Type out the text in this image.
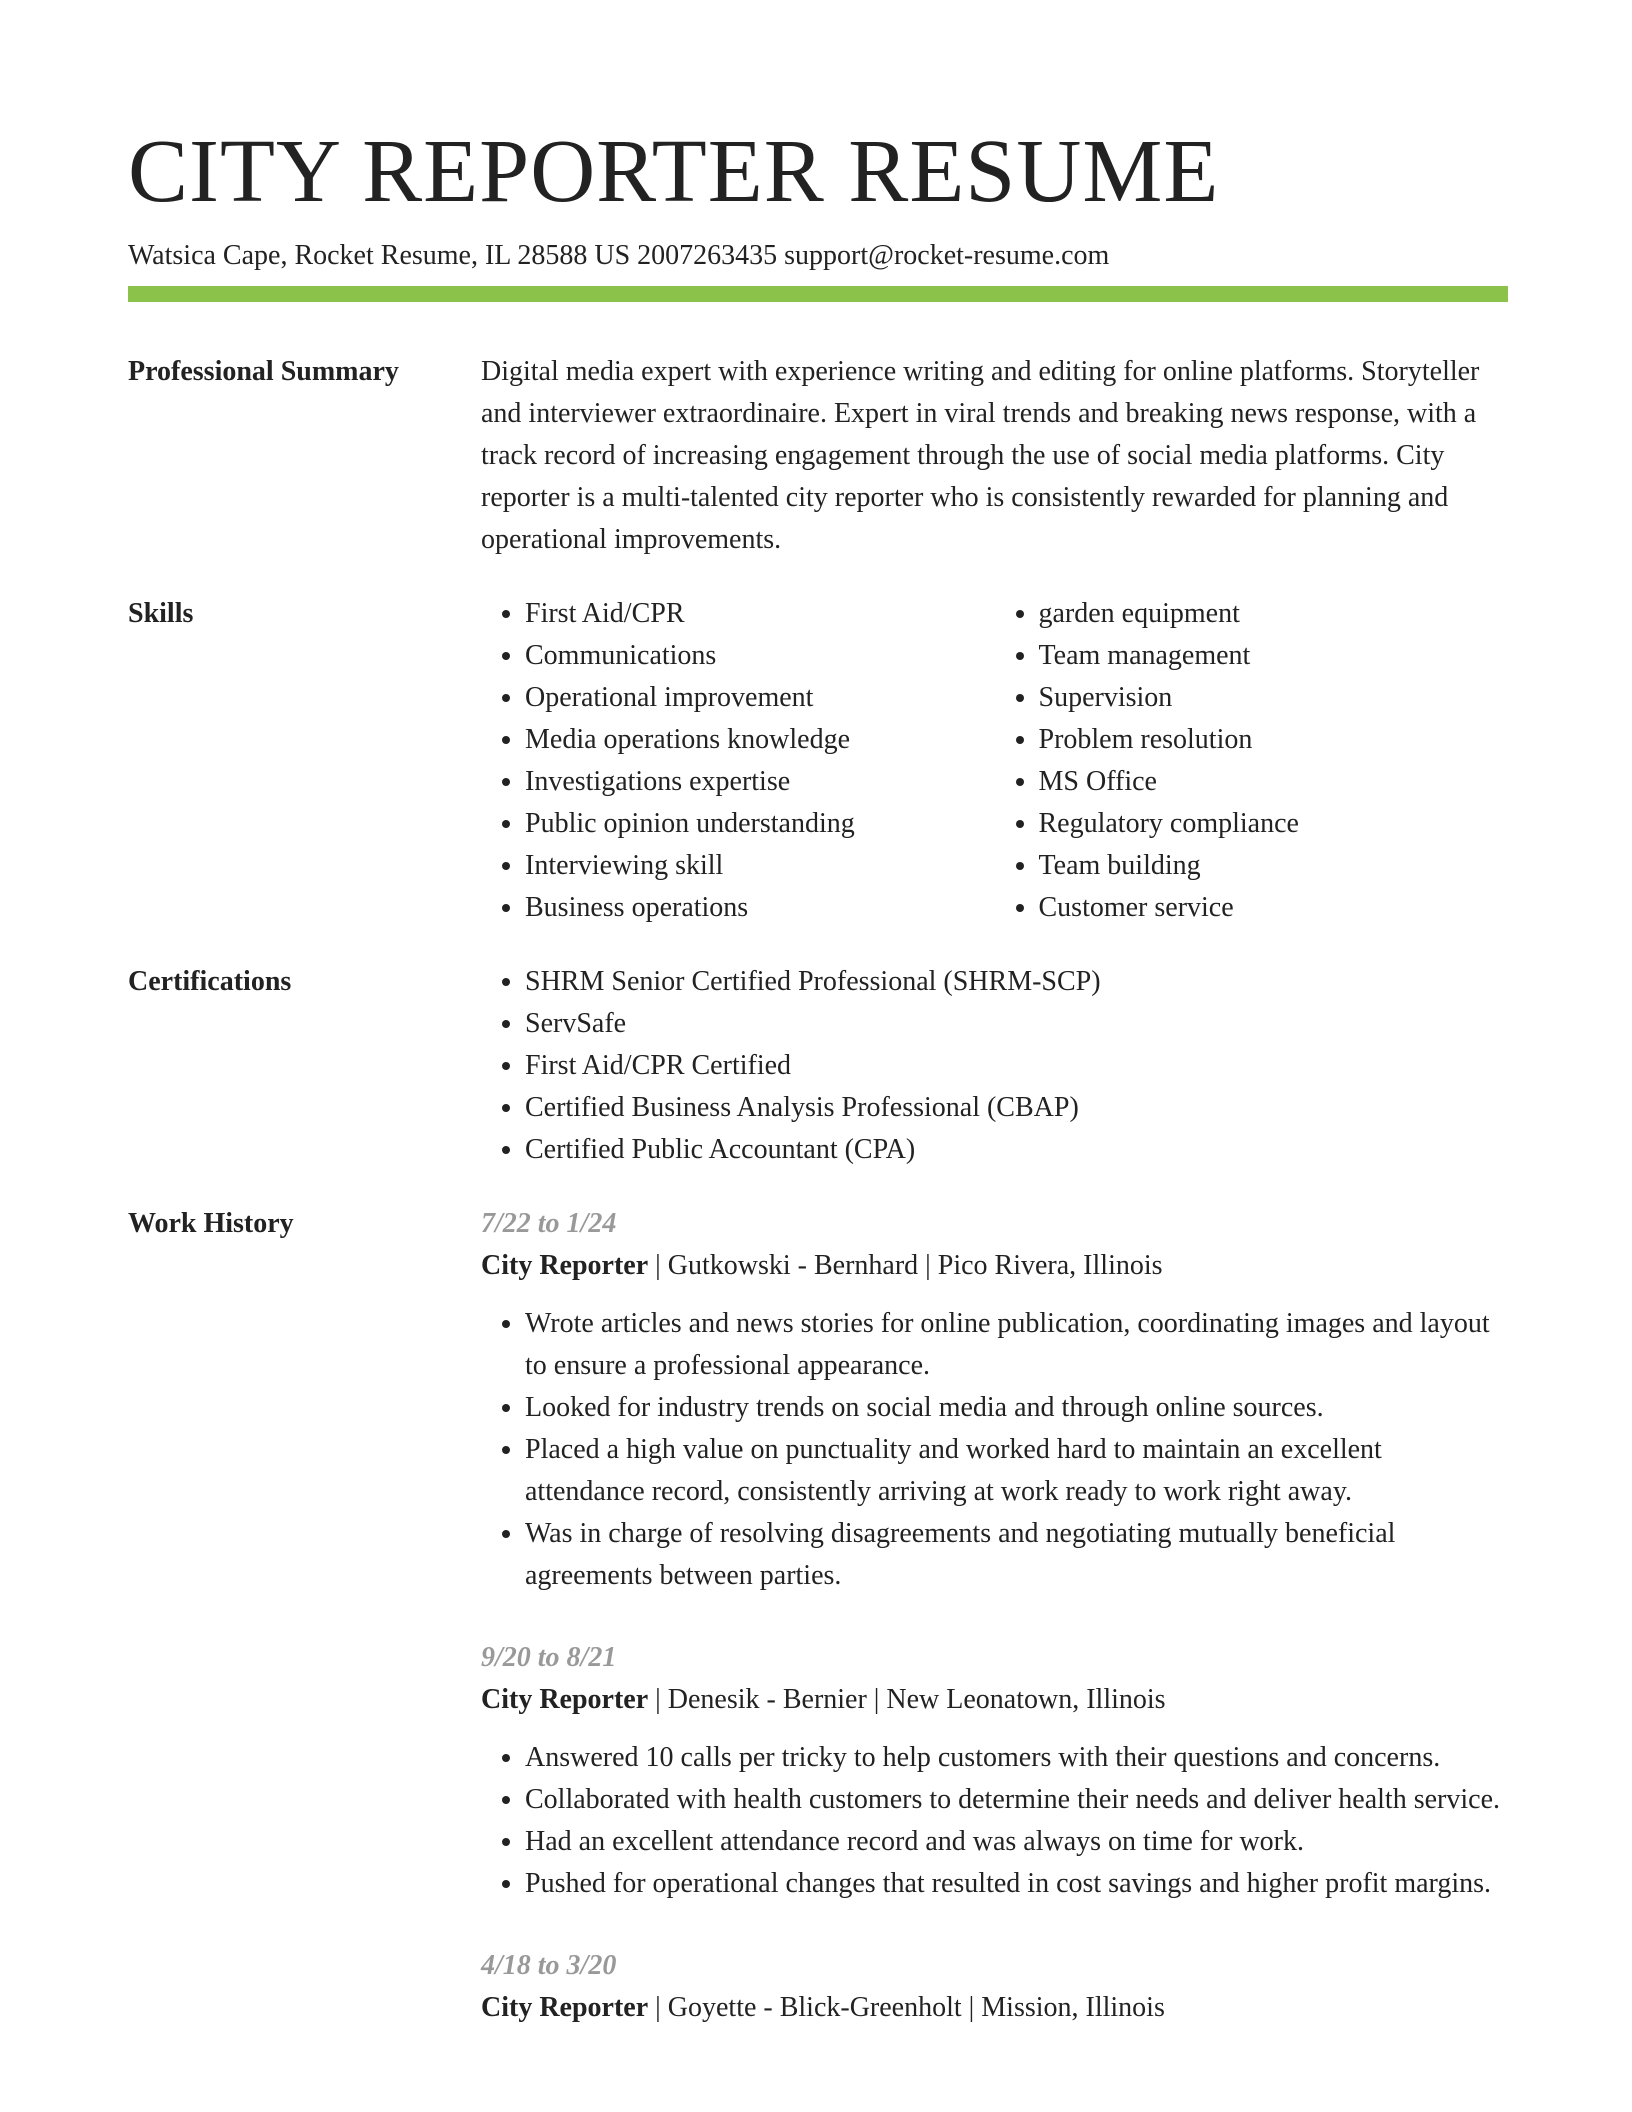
CITY REPORTER RESUME
Watsica Cape, Rocket Resume, IL 28588 US 2007263435 support@rocket-resume.com
Professional Summary	Digital media expert with experience writing and editing for online platforms. Storyteller and interviewer extraordinaire. Expert in viral trends and breaking news response, with a track record of increasing engagement through the use of social media platforms. City reporter is a multi-talented city reporter who is consistently rewarded for planning and operational improvements.

Skills	• First Aid/CPR
• Communications
• Operational improvement
• Media operations knowledge
• Investigations expertise
• Public opinion understanding
• Interviewing skill
• Business operations
• garden equipment
• Team management
• Supervision
• Problem resolution
• MS Office
• Regulatory compliance
• Team building
• Customer service
Certifications	• SHRM Senior Certified Professional (SHRM-SCP)
• ServSafe
• First Aid/CPR Certified
• Certified Business Analysis Professional (CBAP)
• Certified Public Accountant (CPA)
Work History	7/22 to 1/24
City Reporter | Gutkowski - Bernhard | Pico Rivera, Illinois
• Wrote articles and news stories for online publication, coordinating images and layout to ensure a professional appearance.
• Looked for industry trends on social media and through online sources.
• Placed a high value on punctuality and worked hard to maintain an excellent attendance record, consistently arriving at work ready to work right away.
• Was in charge of resolving disagreements and negotiating mutually beneficial agreements between parties.
9/20 to 8/21
City Reporter | Denesik - Bernier | New Leonatown, Illinois
• Answered 10 calls per tricky to help customers with their questions and concerns.
• Collaborated with health customers to determine their needs and deliver health service.
• Had an excellent attendance record and was always on time for work.
• Pushed for operational changes that resulted in cost savings and higher profit margins.
4/18 to 3/20
City Reporter | Goyette - Blick-Greenholt | Mission, Illinois
